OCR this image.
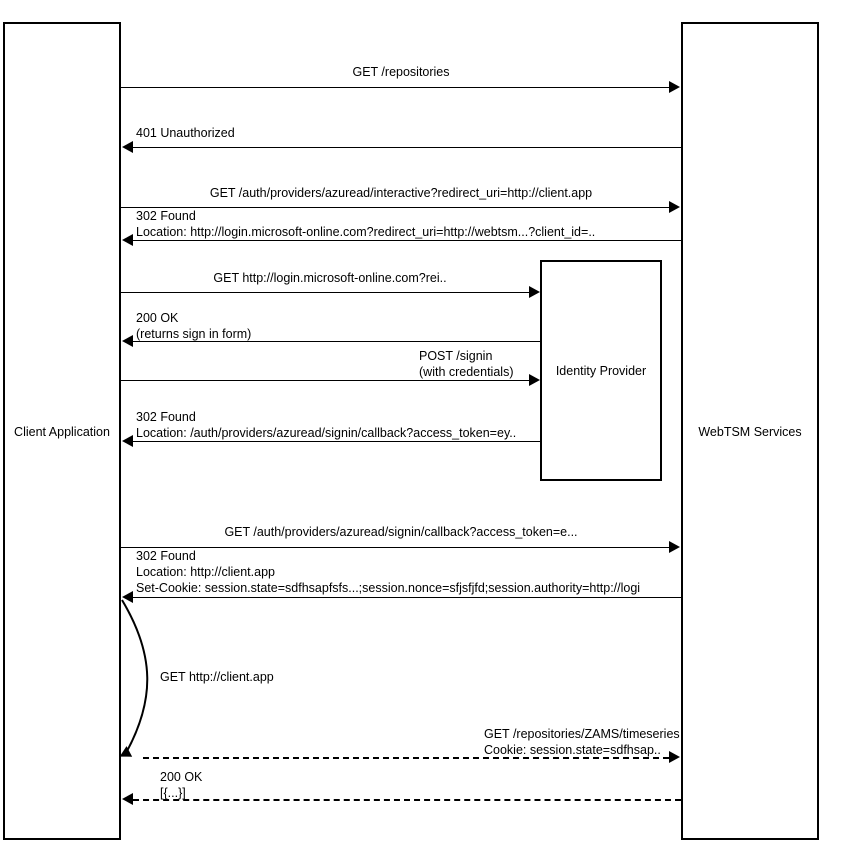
Client Application	WebTSM Services
Identity Provider
GET /repositories
401 Unauthorized
GET /auth/providers/azuread/interactive?redirect_uri=http://client.app
302 Found
Location: http://login.microsoft-online.com?redirect_uri=http://webtsm...?client_id=..
GET http://login.microsoft-online.com?rei..
200 OK
(returns sign in form)
POST /signin
(with credentials)
302 Found
Location: /auth/providers/azuread/signin/callback?access_token=ey..
GET /auth/providers/azuread/signin/callback?access_token=e...
302 Found
Location: http://client.app
Set-Cookie: session.state=sdfhsapfsfs...;session.nonce=sfjsfjfd;session.authority=http://logi
GET http://client.app
GET /repositories/ZAMS/timeseries
Cookie: session.state=sdfhsap..
200 OK
[{...}]
